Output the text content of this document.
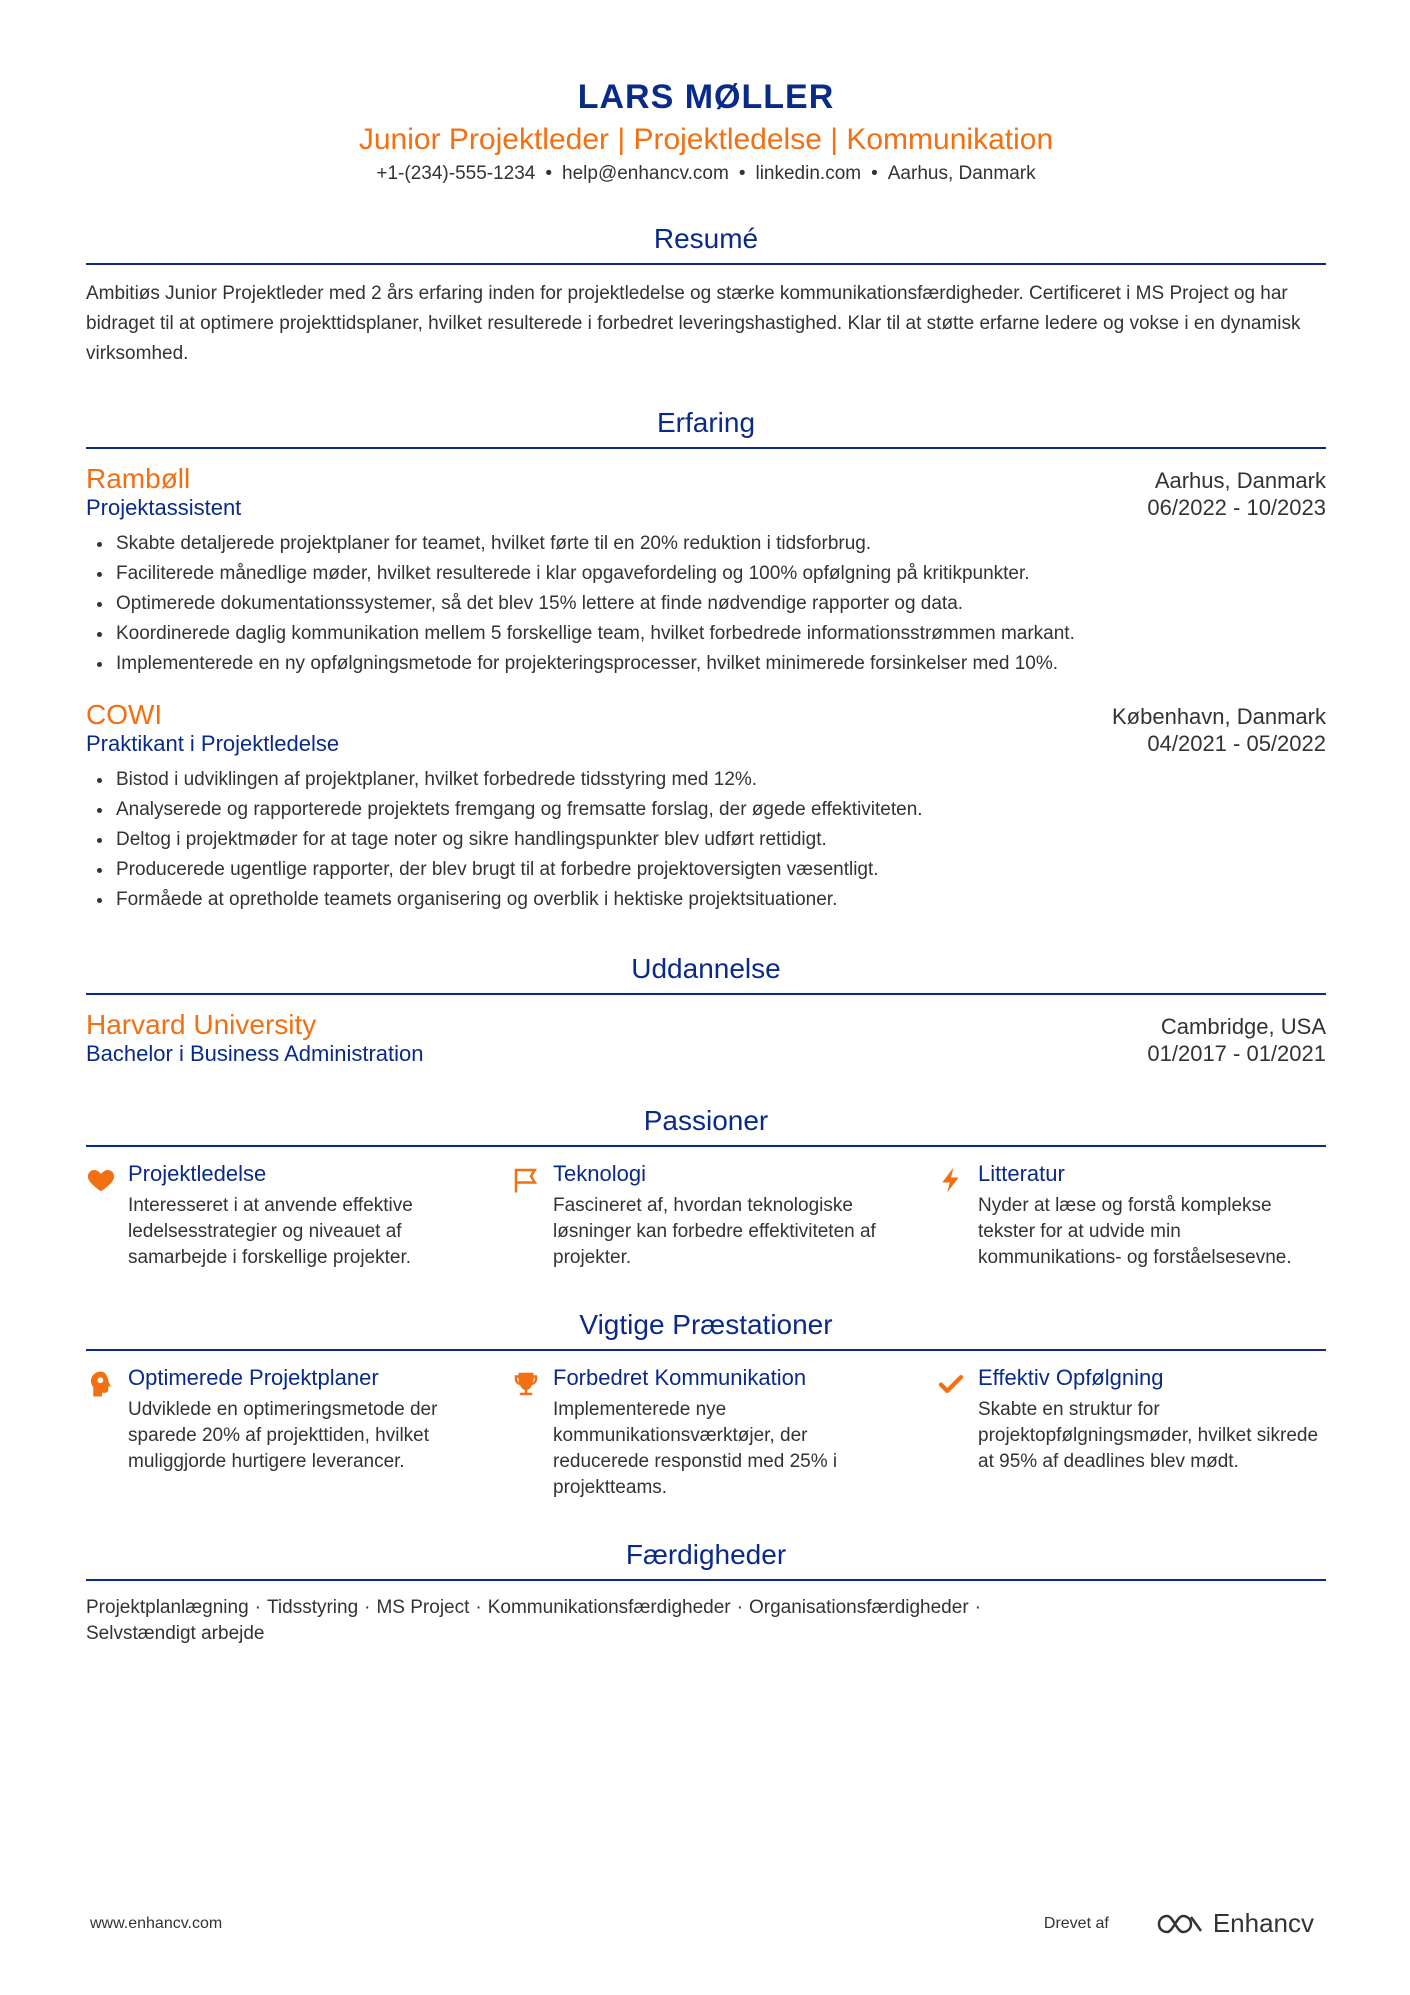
LARS MØLLER
Junior Projektleder | Projektledelse | Kommunikation
+1-(234)-555-1234 • help@enhancv.com • linkedin.com • Aarhus, Danmark
Resumé
Ambitiøs Junior Projektleder med 2 års erfaring inden for projektledelse og stærke kommunikationsfærdigheder. Certificeret i MS Project og har bidraget til at optimere projekttidsplaner, hvilket resulterede i forbedret leveringshastighed. Klar til at støtte erfarne ledere og vokse i en dynamisk virksomhed.
Erfaring
Rambøll	Aarhus, Danmark
Projektassistent	06/2022 - 10/2023
• Skabte detaljerede projektplaner for teamet, hvilket førte til en 20% reduktion i tidsforbrug.
• Faciliterede månedlige møder, hvilket resulterede i klar opgavefordeling og 100% opfølgning på kritikpunkter.
• Optimerede dokumentationssystemer, så det blev 15% lettere at finde nødvendige rapporter og data.
• Koordinerede daglig kommunikation mellem 5 forskellige team, hvilket forbedrede informationsstrømmen markant.
• Implementerede en ny opfølgningsmetode for projekteringsprocesser, hvilket minimerede forsinkelser med 10%.
COWI	København, Danmark
Praktikant i Projektledelse	04/2021 - 05/2022
• Bistod i udviklingen af projektplaner, hvilket forbedrede tidsstyring med 12%.
• Analyserede og rapporterede projektets fremgang og fremsatte forslag, der øgede effektiviteten.
• Deltog i projektmøder for at tage noter og sikre handlingspunkter blev udført rettidigt.
• Producerede ugentlige rapporter, der blev brugt til at forbedre projektoversigten væsentligt.
• Formåede at opretholde teamets organisering og overblik i hektiske projektsituationer.
Uddannelse
Harvard University	Cambridge, USA
Bachelor i Business Administration	01/2017 - 01/2021
Passioner
Projektledelse
Interesseret i at anvende effektive ledelsesstrategier og niveauet af samarbejde i forskellige projekter.
Teknologi
Fascineret af, hvordan teknologiske løsninger kan forbedre effektiviteten af projekter.
Litteratur
Nyder at læse og forstå komplekse tekster for at udvide min kommunikations- og forståelsesevne.
Vigtige Præstationer
Optimerede Projektplaner
Udviklede en optimeringsmetode der sparede 20% af projekttiden, hvilket muliggjorde hurtigere leverancer.
Forbedret Kommunikation
Implementerede nye kommunikationsværktøjer, der reducerede responstid med 25% i projektteams.
Effektiv Opfølgning
Skabte en struktur for projektopfølgningsmøder, hvilket sikrede at 95% af deadlines blev mødt.
Færdigheder
Projektplanlægning · Tidsstyring · MS Project · Kommunikationsfærdigheder · Organisationsfærdigheder ·
Selvstændigt arbejde
www.enhancv.com	Drevet af	Enhancv
